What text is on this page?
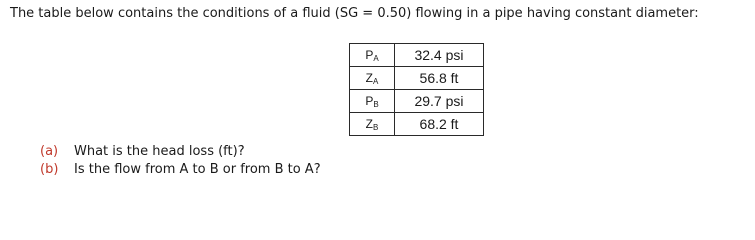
The table below contains the conditions of a fluid (SG = 0.50) flowing in a pipe having constant diameter:
$P_A$	32.4 psi
$Z_A$	56.8 ft
$P_B$	29.7 psi
$Z_B$	68.2 ft
(a) What is the head loss (ft)?
(b) Is the flow from A to B or from B to A?
